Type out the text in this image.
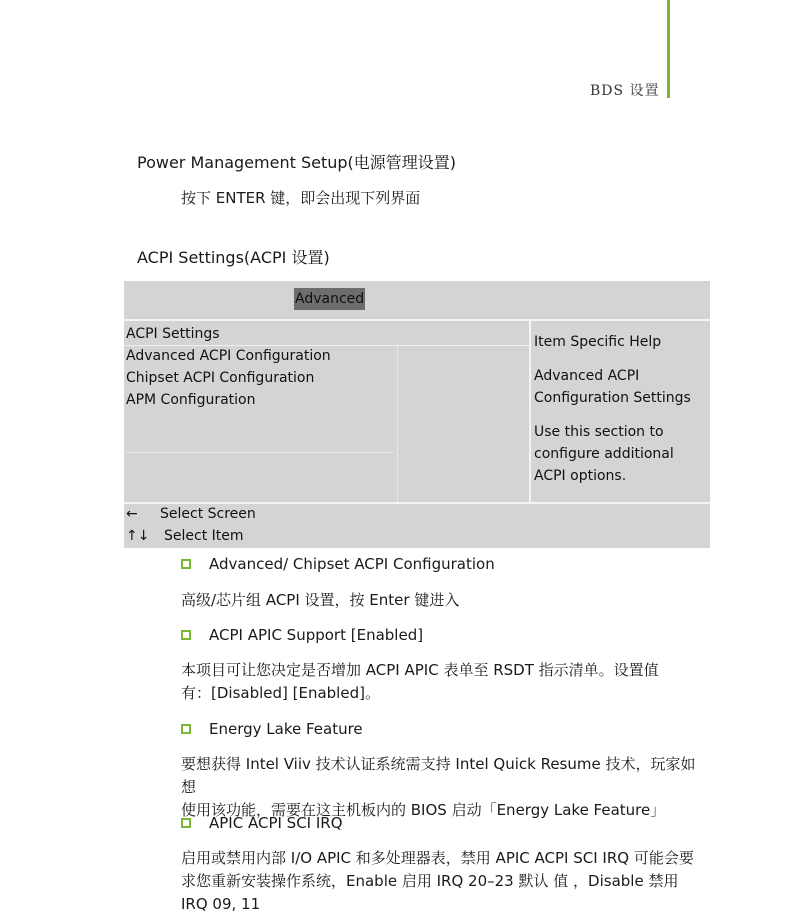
BDS 设置
Power Management Setup(电源管理设置)
按下 ENTER 键，即会出现下列界面
ACPI Settings(ACPI 设置)
Advanced
ACPI Settings
Advanced ACPI Configuration
Chipset ACPI Configuration
APM Configuration
Item Specific Help
Advanced ACPI
Configuration Settings
Use this section to
configure additional
ACPI options.
← Select Screen
↑↓ Select Item
Advanced/ Chipset ACPI Configuration
高级/芯片组 ACPI 设置，按 Enter 键进入
ACPI APIC Support [Enabled]
本项目可让您决定是否增加 ACPI APIC 表单至 RSDT 指示清单。设置值
有：[Disabled] [Enabled]。
Energy Lake Feature
要想获得 Intel Viiv 技术认证系统需支持 Intel Quick Resume 技术，玩家如想
使用该功能，需要在这主机板内的 BIOS 启动「Energy Lake Feature」
APIC ACPI SCI IRQ
启用或禁用内部 I/O APIC 和多处理器表，禁用 APIC ACPI SCI IRQ 可能会要
求您重新安装操作系统，Enable 启用 IRQ 20–23 默认 值 ，Disable 禁用
IRQ 09, 11
